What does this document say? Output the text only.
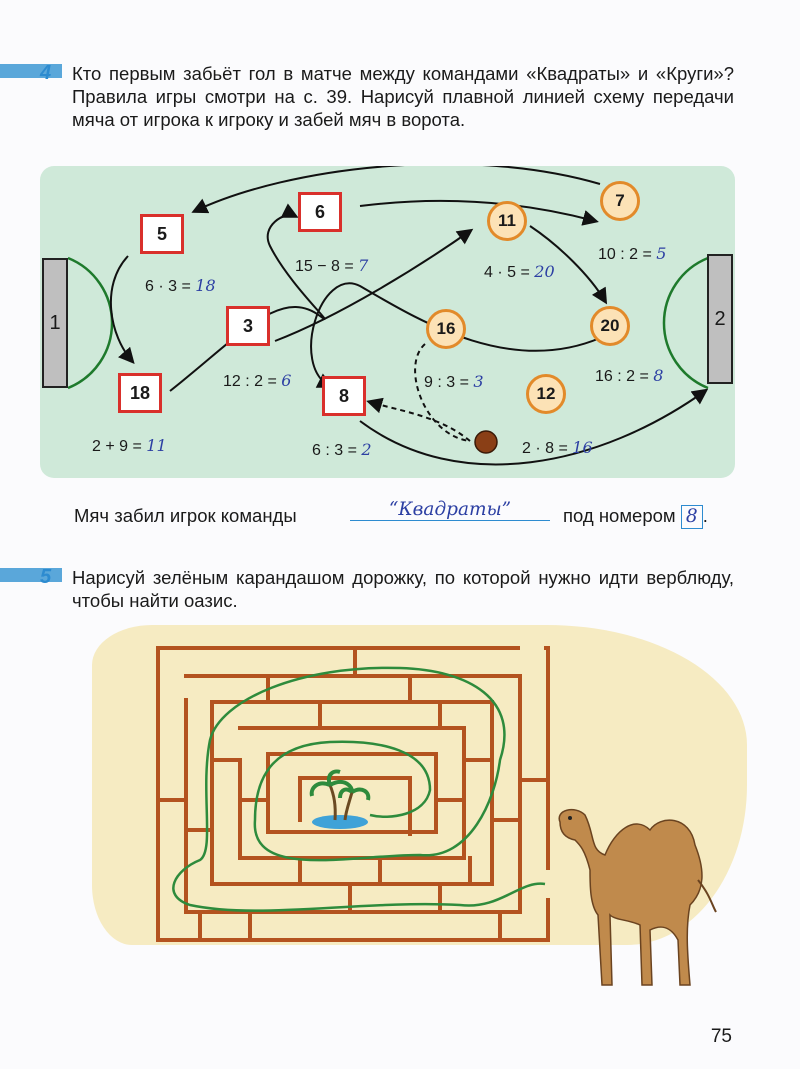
4 Кто первым забьёт гол в матче между командами «Квадраты» и «Круги»? Правила игры смотри на с. 39. Нарисуй плавной линией схему передачи мяча от игрока к игроку и забей мяч в ворота.
1	2
5
6 · 3 = 18
6
15 − 8 = 7
3
12 : 2 = 6
18
2 + 9 = 11
8
6 : 3 = 2
11
4 · 5 = 20
7
10 : 2 = 5
16
9 : 3 = 3
20
16 : 2 = 8
12
2 · 8 = 16
Мяч забил игрок команды	“Квадраты”	под номером 8 .
5 Нарисуй зелёным карандашом дорожку, по которой нужно идти верблюду, чтобы найти оазис.
75
